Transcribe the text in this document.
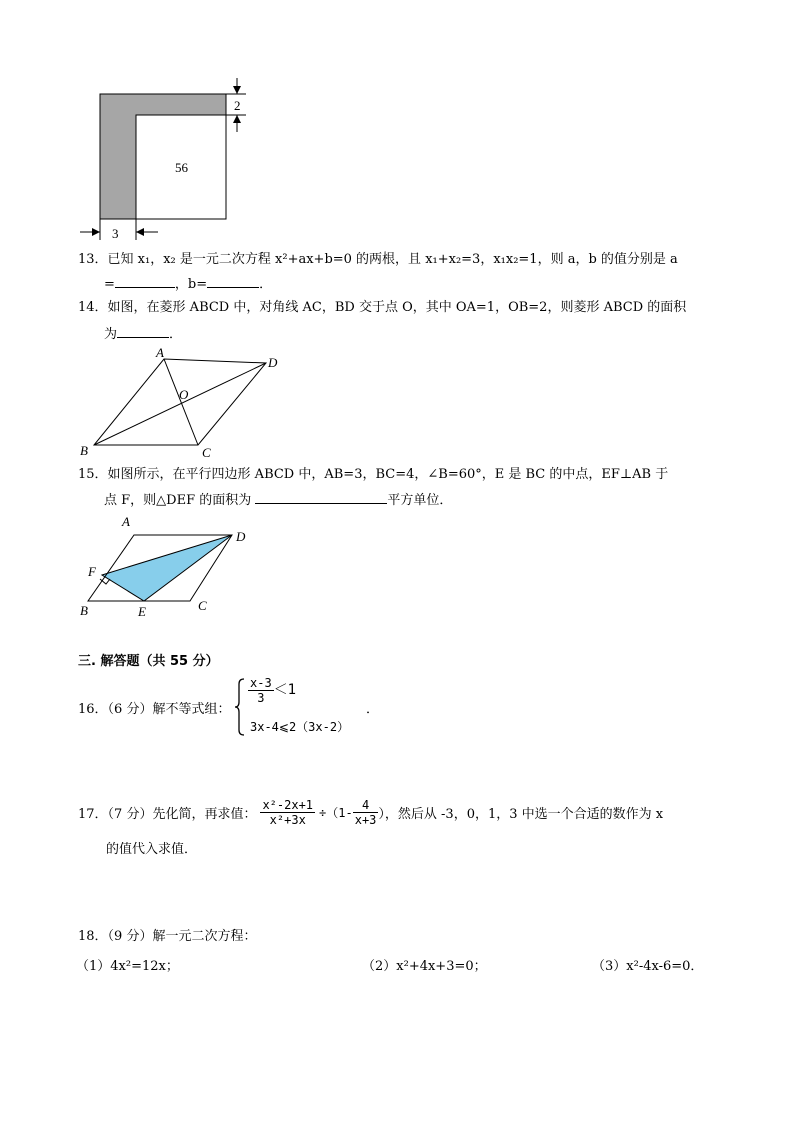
2
56
3
13．已知 x₁，x₂ 是一元二次方程 x²+ax+b=0 的两根，且 x₁+x₂=3，x₁x₂=1，则 a，b 的值分别是 a
=	，b=	．
14．如图，在菱形 ABCD 中，对角线 AC，BD 交于点 O，其中 OA=1，OB=2，则菱形 ABCD 的面积
为	．
A
D
O
B	C
15．如图所示，在平行四边形 ABCD 中，AB=3，BC=4，∠B=60°，E 是 BC 的中点，EF⊥AB 于
点 F，则△DEF 的面积为	平方单位．
A
D
F
B	E	C
三. 解答题（共 55 分）
16．（6 分）解不等式组：
$\frac{x-3}{3} <1$
3x-4⩽2（3x-2）
．
17．（7 分）先化简，再求值： $\frac{\text{x²-2x+1}}{\text{x²+3x}} \div(1- \frac{4}{x+3}$ ），然后从 -3，0，1，3 中选一个合适的数作为 x
的值代入求值．
18．（9 分）解一元二次方程：
（1）4x²=12x；	（2）x²+4x+3=0；	（3）x²-4x-6=0．
